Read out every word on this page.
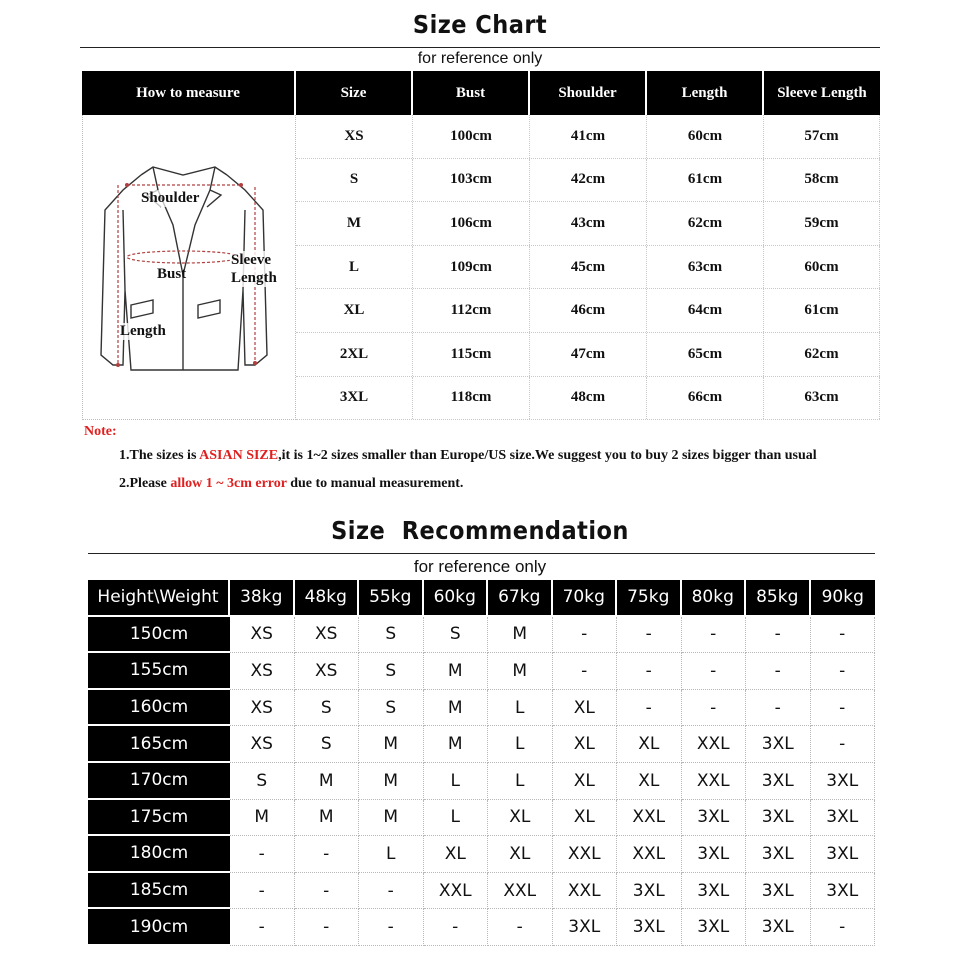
Size Chart
for reference only
How to measure	Size	Bust	Shoulder	Length	Sleeve Length
Shoulder
Bust
Sleeve
Length
Length
XS	100cm	41cm	60cm	57cm
S	103cm	42cm	61cm	58cm
M	106cm	43cm	62cm	59cm
L	109cm	45cm	63cm	60cm
XL	112cm	46cm	64cm	61cm
2XL	115cm	47cm	65cm	62cm
3XL	118cm	48cm	66cm	63cm
Note:
1.The sizes is ASIAN SIZE,it is 1~2 sizes smaller than Europe/US size.We suggest you to buy 2 sizes bigger than usual
2.Please allow 1 ~ 3cm error due to manual measurement.
Size  Recommendation
for reference only
Height\Weight	38kg	48kg	55kg	60kg	67kg	70kg	75kg	80kg	85kg	90kg
150cm	XS	XS	S	S	M	-	-	-	-	-
155cm	XS	XS	S	M	M	-	-	-	-	-
160cm	XS	S	S	M	L	XL	-	-	-	-
165cm	XS	S	M	M	L	XL	XL	XXL	3XL	-
170cm	S	M	M	L	L	XL	XL	XXL	3XL	3XL
175cm	M	M	M	L	XL	XL	XXL	3XL	3XL	3XL
180cm	-	-	L	XL	XL	XXL	XXL	3XL	3XL	3XL
185cm	-	-	-	XXL	XXL	XXL	3XL	3XL	3XL	3XL
190cm	-	-	-	-	-	3XL	3XL	3XL	3XL	-
